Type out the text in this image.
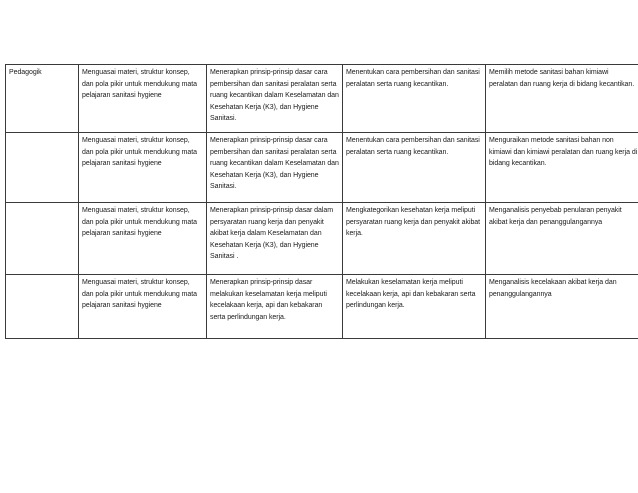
Pedagogik	Menguasai materi, struktur konsep, dan pola pikir untuk mendukung mata pelajaran sanitasi hygiene	Menerapkan prinsip-prinsip dasar cara pembersihan dan sanitasi peralatan serta ruang kecantikan dalam Keselamatan dan Kesehatan Kerja (K3), dan Hygiene Sanitasi.	Menentukan cara pembersihan dan sanitasi peralatan serta ruang kecantikan.	Memilih metode sanitasi bahan kimiawi peralatan dan ruang kerja di bidang kecantikan.

	Menguasai materi, struktur konsep, dan pola pikir untuk mendukung mata pelajaran sanitasi hygiene	Menerapkan prinsip-prinsip dasar cara pembersihan dan sanitasi peralatan serta ruang kecantikan dalam Keselamatan dan Kesehatan Kerja (K3), dan Hygiene Sanitasi.	Menentukan cara pembersihan dan sanitasi peralatan serta ruang kecantikan.	Menguraikan metode sanitasi bahan non kimiawi dan kimiawi peralatan dan ruang kerja di bidang kecantikan.

	Menguasai materi, struktur konsep, dan pola pikir untuk mendukung mata pelajaran sanitasi hygiene	Menerapkan prinsip-prinsip dasar dalam persyaratan ruang kerja dan penyakit akibat kerja dalam Keselamatan dan Kesehatan Kerja (K3), dan Hygiene Sanitasi .	Mengkategorikan kesehatan kerja meliputi persyaratan ruang kerja dan penyakit akibat kerja.	Menganalisis penyebab penularan penyakit akibat kerja dan penanggulangannya

	Menguasai materi, struktur konsep, dan pola pikir untuk mendukung mata pelajaran sanitasi hygiene	Menerapkan prinsip-prinsip dasar melakukan keselamatan kerja meliputi kecelakaan kerja, api dan kebakaran serta perlindungan kerja.	Melakukan keselamatan kerja meliputi kecelakaan kerja, api dan kebakaran serta perlindungan kerja.	Menganalisis kecelakaan akibat kerja dan penanggulangannya
